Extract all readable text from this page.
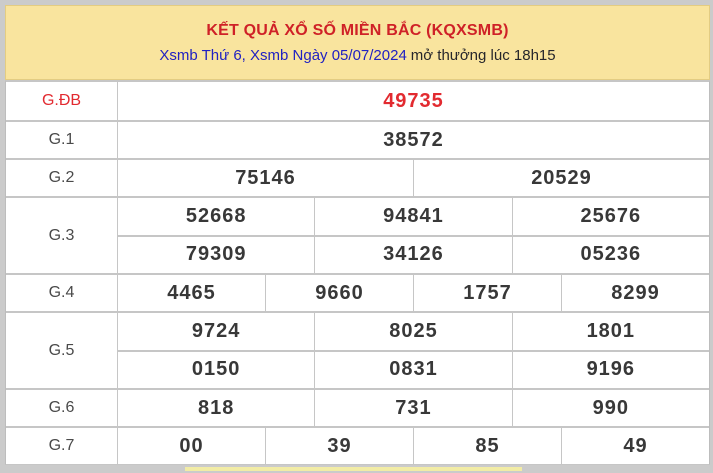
KẾT QUẢ XỔ SỐ MIỀN BẮC (KQXSMB)
Xsmb Thứ 6, Xsmb Ngày 05/07/2024 mở thưởng lúc 18h15
G.ĐB	49735
G.1	38572
G.2	75146	20529
G.3
52668	94841	25676
79309	34126	05236
G.4	4465	9660	1757	8299
G.5
9724	8025	1801
0150	0831	9196
G.6	818	731	990
G.7	00	39	85	49
